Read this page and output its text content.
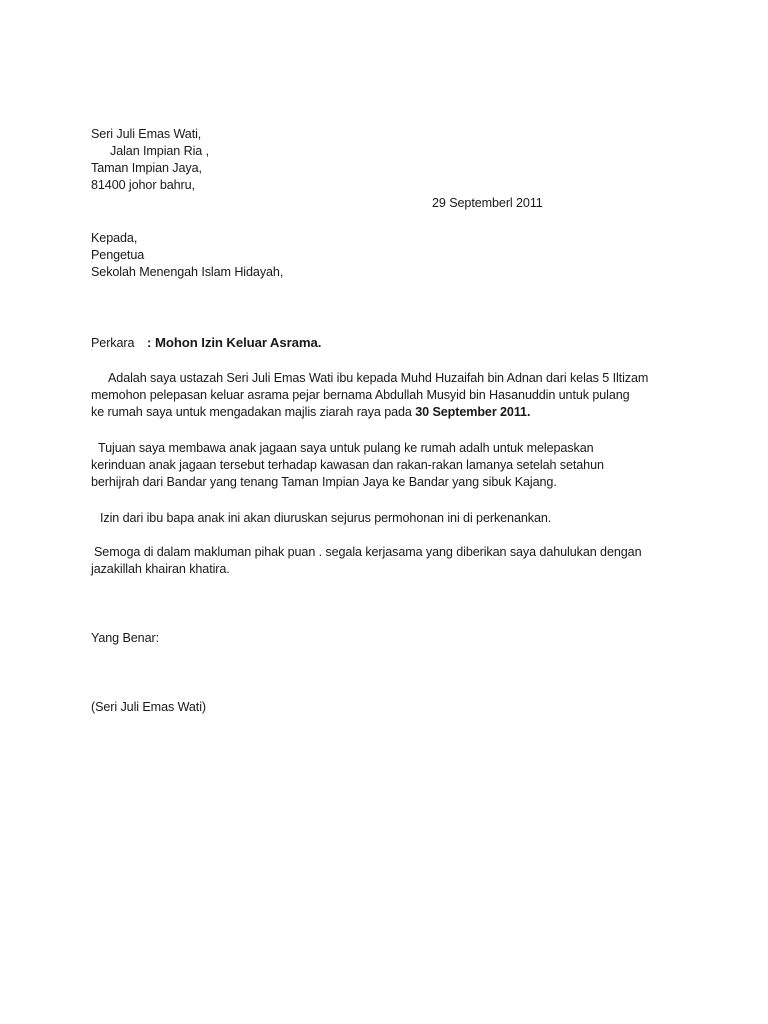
Seri Juli Emas Wati,
Jalan Impian Ria ,
Taman Impian Jaya,
81400 johor bahru,
29 Septemberl 2011
Kepada,
Pengetua
Sekolah Menengah Islam Hidayah,
Perkara : Mohon Izin Keluar Asrama.
Adalah saya ustazah Seri Juli Emas Wati ibu kepada Muhd Huzaifah bin Adnan dari kelas 5 Iltizam
memohon pelepasan keluar asrama pejar bernama Abdullah Musyid bin Hasanuddin untuk pulang
ke rumah saya untuk mengadakan majlis ziarah raya pada 30 September 2011.
Tujuan saya membawa anak jagaan saya untuk pulang ke rumah adalh untuk melepaskan
kerinduan anak jagaan tersebut terhadap kawasan dan rakan-rakan lamanya setelah setahun
berhijrah dari Bandar yang tenang Taman Impian Jaya ke Bandar yang sibuk Kajang.
Izin dari ibu bapa anak ini akan diuruskan sejurus permohonan ini di perkenankan.
Semoga di dalam makluman pihak puan . segala kerjasama yang diberikan saya dahulukan dengan
jazakillah khairan khatira.
Yang Benar:
(Seri Juli Emas Wati)
